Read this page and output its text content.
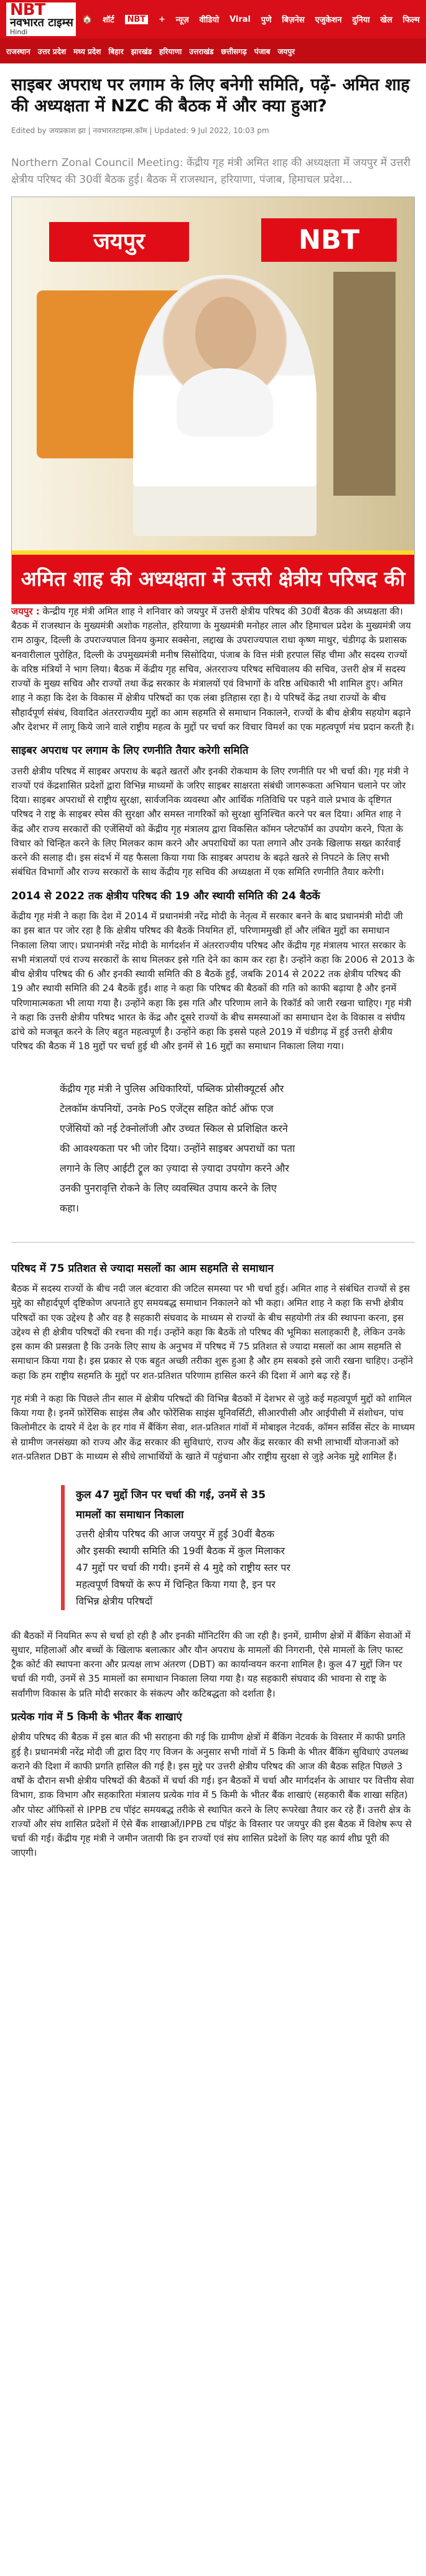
NBT
नवभारत टाइम्स
Hindi
🏠 शॉर्ट	NBT	+ न्यूज़ वीडियो Viral पुणे बिज़नेस एजुकेशन दुनिया खेल फिल्म
राजस्थान उत्तर प्रदेश मध्य प्रदेश बिहार झारखंड हरियाणा उत्तराखंड छत्तीसगढ़ पंजाब जयपुर
साइबर अपराध पर लगाम के लिए बनेगी समिति, पढ़ें- अमित शाह की अध्यक्षता में NZC की बैठक में और क्या हुआ?
Edited by जयप्रकाश झा | नवभारतटाइम्स.कॉम | Updated: 9 Jul 2022, 10:03 pm

Northern Zonal Council Meeting: केंद्रीय गृह मंत्री अमित शाह की अध्यक्षता में जयपुर में उत्तरी क्षेत्रीय परिषद की 30वीं बैठक हुई। बैठक में राजस्थान, हरियाणा, पंजाब, हिमाचल प्रदेश...

जयपुर	NBT
अमित शाह की अध्यक्षता में उत्तरी क्षेत्रीय परिषद की

जयपुर : केन्द्रीय गृह मंत्री अमित शाह ने शनिवार को जयपुर में उत्तरी क्षेत्रीय परिषद की 30वीं बैठक की अध्यक्षता की। बैठक में राजस्थान के मुख्यमंत्री अशोक गहलोत, हरियाणा के मुख्यमंत्री मनोहर लाल और हिमाचल प्रदेश के मुख्यमंत्री जय राम ठाकुर, दिल्ली के उपराज्यपाल विनय कुमार सक्सेना, लद्दाख के उपराज्यपाल राधा कृष्ण माथुर, चंडीगढ़ के प्रशासक बनवारीलाल पुरोहित, दिल्ली के उपमुख्यमंत्री मनीष सिसोदिया, पंजाब के वित्त मंत्री हरपाल सिंह चीमा और सदस्य राज्यों के वरिष्ठ मंत्रियों ने भाग लिया। बैठक में केंद्रीय गृह सचिव, अंतरराज्य परिषद सचिवालय की सचिव, उत्तरी क्षेत्र में सदस्य राज्यों के मुख्य सचिव और राज्यों तथा केंद्र सरकार के मंत्रालयों एवं विभागों के वरिष्ठ अधिकारी भी शामिल हुए। अमित शाह ने कहा कि देश के विकास में क्षेत्रीय परिषदों का एक लंबा इतिहास रहा है। ये परिषदें केंद्र तथा राज्यों के बीच सौहार्दपूर्ण संबंध, विवादित अंतरराज्यीय मुद्दों का आम सहमति से समाधान निकालने, राज्यों के बीच क्षेत्रीय सहयोग बढ़ाने और देशभर में लागू किये जाने वाले राष्ट्रीय महत्व के मुद्दों पर चर्चा कर विचार विमर्श का एक महत्वपूर्ण मंच प्रदान करती है।

साइबर अपराध पर लगाम के लिए रणनीति तैयार करेगी समिति

उत्तरी क्षेत्रीय परिषद में साइबर अपराध के बढ़ते खतरों और इनकी रोकथाम के लिए रणनीति पर भी चर्चा की। गृह मंत्री ने राज्यों एवं केंद्रशासित प्रदेशों द्वारा विभिन्न माध्यमों के जरिए साइबर साक्षरता संबंधी जागरूकता अभियान चलाने पर जोर दिया। साइबर अपराधों से राष्ट्रीय सुरक्षा, सार्वजनिक व्यवस्था और आर्थिक गतिविधि पर पड़ने वाले प्रभाव के दृष्टिगत परिषद ने राष्ट्र के साइबर स्पेस की सुरक्षा और समस्त नागरिकों को सुरक्षा सुनिश्चित करने पर बल दिया। अमित शाह ने केंद्र और राज्य सरकारों की एजेंसियों को केंद्रीय गृह मंत्रालय द्वारा विकसित कॉमन प्लेटफॉर्म का उपयोग करने, पिता के विचार को चिन्हित करने के लिए मिलकर काम करने और अपराधियों का पता लगाने और उनके खिलाफ सख्त कार्रवाई करने की सलाह दी। इस संदर्भ में यह फैसला किया गया कि साइबर अपराध के बढ़ते खतरे से निपटने के लिए सभी संबंधित विभागों और राज्य सरकारों के साथ केंद्रीय गृह सचिव की अध्यक्षता में एक समिति रणनीति तैयार करेगी।

2014 से 2022 तक क्षेत्रीय परिषद की 19 और स्थायी समिति की 24 बैठकें

केंद्रीय गृह मंत्री ने कहा कि देश में 2014 में प्रधानमंत्री नरेंद्र मोदी के नेतृत्व में सरकार बनने के बाद प्रधानमंत्री मोदी जी का इस बात पर जोर रहा है कि क्षेत्रीय परिषद की बैठकें नियमित हों, परिणाममुखी हों और लंबित मुद्दों का समाधान निकाला लिया जाए। प्रधानमंत्री नरेंद्र मोदी के मार्गदर्शन में अंतरराज्यीय परिषद और केंद्रीय गृह मंत्रालय भारत सरकार के सभी मंत्रालयों एवं राज्य सरकारों के साथ मिलकर इसे गति देने का काम कर रहा है। उन्होंने कहा कि 2006 से 2013 के बीच क्षेत्रीय परिषद की 6 और इनकी स्थायी समिति की 8 बैठकें हुईं, जबकि 2014 से 2022 तक क्षेत्रीय परिषद की 19 और स्थायी समिति की 24 बैठकें हुईं। शाह ने कहा कि परिषद की बैठकों की गति को काफी बढ़ाया है और इनमें परिणामात्मकता भी लाया गया है। उन्होंने कहा कि इस गति और परिणाम लाने के रिकॉर्ड को जारी रखना चाहिए। गृह मंत्री ने कहा कि उत्तरी क्षेत्रीय परिषद भारत के केंद्र और दूसरे राज्यों के बीच समस्याओं का समाधान देश के विकास व संघीय ढांचे को मजबूत करने के लिए बहुत महत्वपूर्ण है। उन्होंने कहा कि इससे पहले 2019 में चंडीगढ़ में हुई उत्तरी क्षेत्रीय परिषद की बैठक में 18 मुद्दों पर चर्चा हुई थी और इनमें से 16 मुद्दों का समाधान निकाला लिया गया।

केंद्रीय गृह मंत्री ने पुलिस अधिकारियों, पब्लिक प्रोसीक्यूटर्स और टेलकॉम कंपनियों, उनके PoS एजेंट्स सहित कोर्ट ऑफ एज एजेंसियों को नई टेक्नोलॉजी और उच्चत स्किल से प्रशिक्षित करने की आवश्यकता पर भी जोर दिया। उन्होंने साइबर अपराधों का पता लगाने के लिए आईटी ट्रूल का ज़्यादा से ज़्यादा उपयोग करने और उनकी पुनरावृत्ति रोकने के लिए व्यवस्थित उपाय करने के लिए कहा।
परिषद में 75 प्रतिशत से ज्यादा मसलों का आम सहमति से समाधान

बैठक में सदस्य राज्यों के बीच नदी जल बंटवारा की जटिल समस्या पर भी चर्चा हुई। अमित शाह ने संबंधित राज्यों से इस मुद्दे का सौहार्दपूर्ण दृष्टिकोण अपनाते हुए समयबद्ध समाधान निकालने को भी कहा। अमित शाह ने कहा कि सभी क्षेत्रीय परिषदों का एक उद्देश्य है और वह है सहकारी संघवाद के माध्यम से राज्यों के बीच सहयोगी तंत्र की स्थापना करना, इस उद्देश्य से ही क्षेत्रीय परिषदों की रचना की गई। उन्होंने कहा कि बैठकें तो परिषद की भूमिका सलाहकारी है, लेकिन उनके इस काम की प्रसन्नता है कि उनके लिए साथ के अनुभव में परिषद में 75 प्रतिशत से ज्यादा मसलों का आम सहमति से समाधान किया गया है। इस प्रकार से एक बहुत अच्छी तरीका शुरू हुआ है और हम सबको इसे जारी रखना चाहिए। उन्होंने कहा कि हम राष्ट्रीय सहमति के मुद्दों पर शत-प्रतिशत परिणाम हासिल करने की दिशा में आगे बढ़ रहे हैं।

गृह मंत्री ने कहा कि पिछले तीन साल में क्षेत्रीय परिषदों की विभिन्न बैठकों में देशभर से जुड़े कई महत्वपूर्ण मुद्दों को शामिल किया गया है। इनमें फ़ोरेंसिक साइंस लैब और फोरेंसिक साइंस यूनिवर्सिटी, सीआरपीसी और आईपीसी में संशोधन, पांच किलोमीटर के दायरे में देश के हर गांव में बैंकिंग सेवा, शत-प्रतिशत गांवों में मोबाइल नेटवर्क, कॉमन सर्विस सेंटर के माध्यम से ग्रामीण जनसंख्या को राज्य और केंद्र सरकार की सुविधाएं, राज्य और केंद्र सरकार की सभी लाभार्थी योजनाओं को शत-प्रतिशत DBT के माध्यम से सीधे लाभार्थियों के खाते में पहुंचाना और राष्ट्रीय सुरक्षा से जुड़े अनेक मुद्दे शामिल हैं।

कुल 47 मुद्दों जिन पर चर्चा की गई, उनमें से 35 मामलों का समाधान निकाला
उत्तरी क्षेत्रीय परिषद की आज जयपुर में हुई 30वीं बैठक और इसकी स्थायी समिति की 19वीं बैठक में कुल मिलाकर 47 मुद्दों पर चर्चा की गयी। इनमें से 4 मुद्दे को राष्ट्रीय स्तर पर महत्वपूर्ण विषयों के रूप में चिन्हित किया गया है, इन पर विभिन्न क्षेत्रीय परिषदों

की बैठकों में नियमित रूप से चर्चा हो रही है और इनकी मॉनिटरिंग की जा रही है। इनमें, ग्रामीण क्षेत्रों में बैंकिंग सेवाओं में सुधार, महिलाओं और बच्चों के खिलाफ बलात्कार और यौन अपराध के मामलों की निगरानी, ऐसे मामलों के लिए फास्ट ट्रैक कोर्ट की स्थापना करना और प्रत्यक्ष लाभ अंतरण (DBT) का कार्यान्वयन करना शामिल है। कुल 47 मुद्दों जिन पर चर्चा की गयी, उनमें से 35 मामलों का समाधान निकाला लिया गया है। यह सहकारी संघवाद की भावना से राष्ट्र के सर्वांगीण विकास के प्रति मोदी सरकार के संकल्प और कटिबद्धता को दर्शाता है।

प्रत्येक गांव में 5 किमी के भीतर बैंक शाखाएं

क्षेत्रीय परिषद की बैठक में इस बात की भी सराहना की गई कि ग्रामीण क्षेत्रों में बैंकिंग नेटवर्क के विस्तार में काफी प्रगति हुई है। प्रधानमंत्री नरेंद्र मोदी जी द्वारा दिए गए विजन के अनुसार सभी गांवों में 5 किमी के भीतर बैंकिंग सुविधाएं उपलब्ध कराने की दिशा में काफी प्रगति हासिल की गई है। इस मुद्दे पर उत्तरी क्षेत्रीय परिषद की आज की बैठक सहित पिछले 3 वर्षों के दौरान सभी क्षेत्रीय परिषदों की बैठकों में चर्चा की गई। इन बैठकों में चर्चा और मार्गदर्शन के आधार पर वित्तीय सेवा विभाग, डाक विभाग और सहकारिता मंत्रालय प्रत्येक गांव में 5 किमी के भीतर बैंक शाखाएं (सहकारी बैंक शाखा सहित) और पोस्ट ऑफिसों से IPPB टच पॉइंट समयबद्ध तरीके से स्थापित करने के लिए रूपरेखा तैयार कर रहे हैं। उत्तरी क्षेत्र के राज्यों और संघ शासित प्रदेशों में ऐसे बैंक शाखाओं/IPPB टच पॉइंट के विस्तार पर जयपुर की इस बैठक में विशेष रूप से चर्चा की गई। केंद्रीय गृह मंत्री ने जमीन जतायी कि इन राज्यों एवं संघ शासित प्रदेशों के लिए यह कार्य शीघ्र पूरी की जाएगी।
